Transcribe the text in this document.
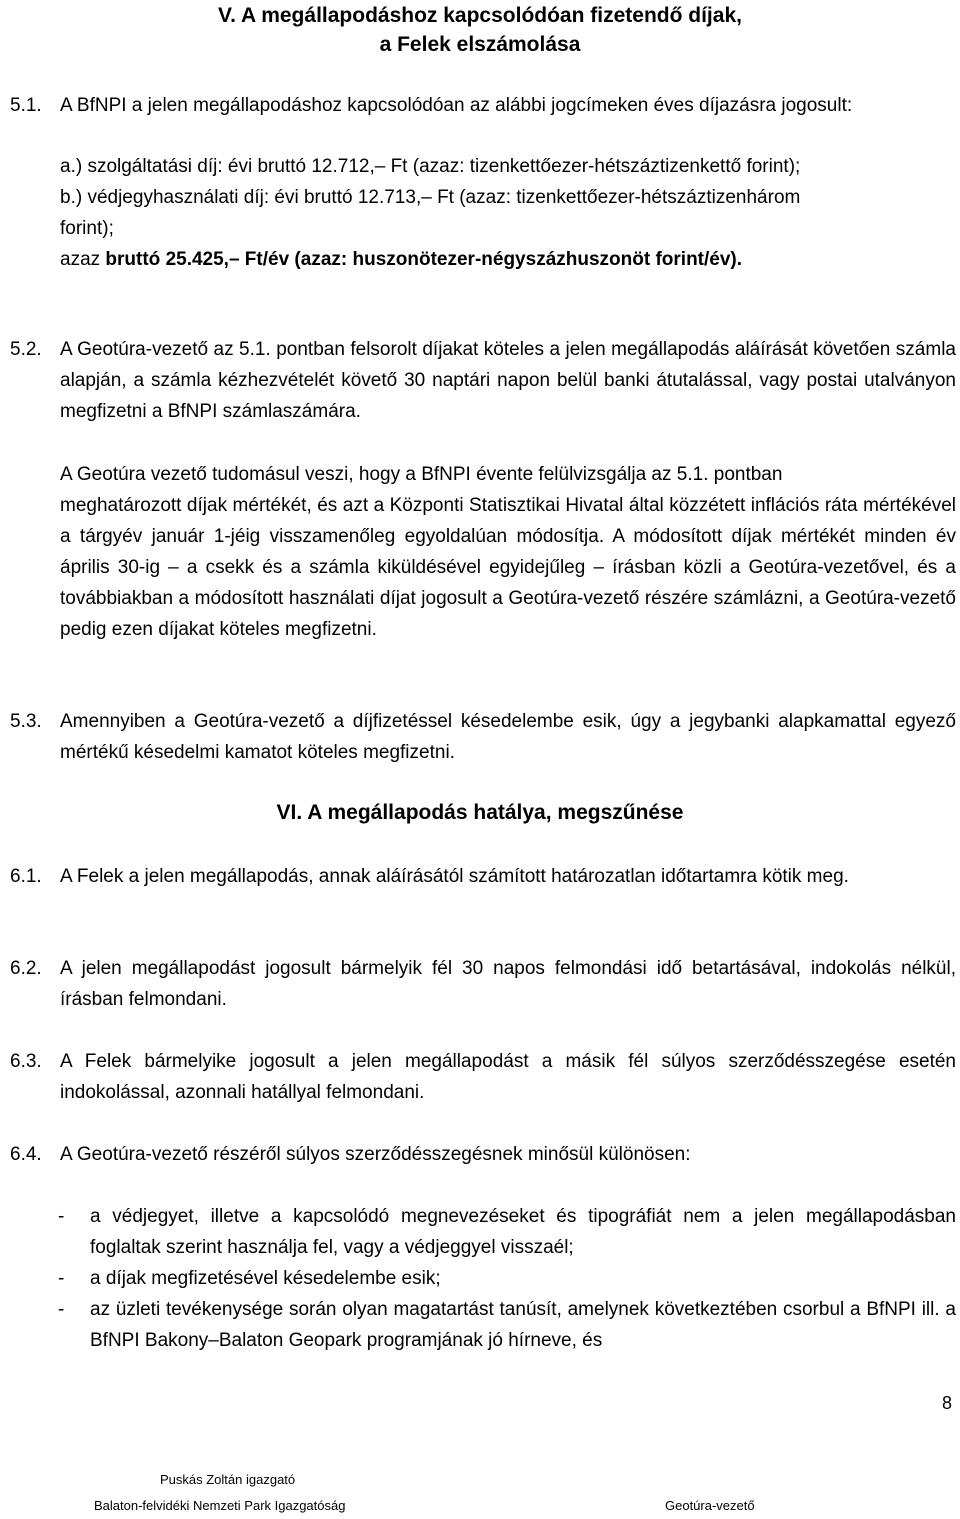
V. A megállapodáshoz kapcsolódóan fizetendő díjak,
a Felek elszámolása
5.1. A BfNPI a jelen megállapodáshoz kapcsolódóan az alábbi jogcímeken éves díjazásra jogosult:
a.) szolgáltatási díj: évi bruttó 12.712,– Ft (azaz: tizenkettőezer-hétszáztizenkettő forint);
b.) védjegyhasználati díj: évi bruttó 12.713,– Ft (azaz: tizenkettőezer-hétszáztizenhárom
forint);
azaz bruttó 25.425,– Ft/év (azaz: huszonötezer-négyszázhuszonöt forint/év).
5.2. A Geotúra-vezető az 5.1. pontban felsorolt díjakat köteles a jelen megállapodás aláírását követően számla alapján, a számla kézhezvételét követő 30 naptári napon belül banki átutalással, vagy postai utalványon megfizetni a BfNPI számlaszámára.
A Geotúra vezető tudomásul veszi, hogy a BfNPI évente felülvizsgálja az 5.1. pontban
meghatározott díjak mértékét, és azt a Központi Statisztikai Hivatal által közzétett inflációs ráta mértékével a tárgyév január 1-jéig visszamenőleg egyoldalúan módosítja. A módosított díjak mértékét minden év április 30-ig – a csekk és a számla kiküldésével egyidejűleg – írásban közli a Geotúra-vezetővel, és a továbbiakban a módosított használati díjat jogosult a Geotúra-vezető részére számlázni, a Geotúra-vezető pedig ezen díjakat köteles megfizetni.
5.3. Amennyiben a Geotúra-vezető a díjfizetéssel késedelembe esik, úgy a jegybanki alapkamattal egyező mértékű késedelmi kamatot köteles megfizetni.
VI. A megállapodás hatálya, megszűnése
6.1. A Felek a jelen megállapodás, annak aláírásától számított határozatlan időtartamra kötik meg.
6.2. A jelen megállapodást jogosult bármelyik fél 30 napos felmondási idő betartásával, indokolás nélkül, írásban felmondani.
6.3. A Felek bármelyike jogosult a jelen megállapodást a másik fél súlyos szerződésszegése esetén indokolással, azonnali hatállyal felmondani.
6.4. A Geotúra-vezető részéről súlyos szerződésszegésnek minősül különösen:
- a védjegyet, illetve a kapcsolódó megnevezéseket és tipográfiát nem a jelen megállapodásban foglaltak szerint használja fel, vagy a védjeggyel visszaél;
- a díjak megfizetésével késedelembe esik;
- az üzleti tevékenysége során olyan magatartást tanúsít, amelynek következtében csorbul a BfNPI ill. a BfNPI Bakony–Balaton Geopark programjának jó hírneve, és
8
Puskás Zoltán igazgató
Balaton-felvidéki Nemzeti Park Igazgatóság	Geotúra-vezető
